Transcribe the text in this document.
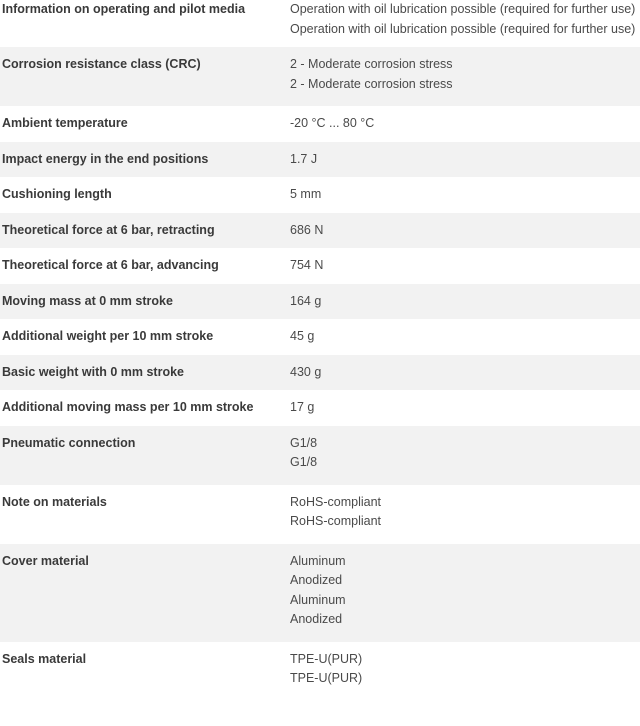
Information on operating and pilot media	Operation with oil lubrication possible (required for further use)
Operation with oil lubrication possible (required for further use)
Corrosion resistance class (CRC)	2 - Moderate corrosion stress
2 - Moderate corrosion stress
Ambient temperature	-20 °C ... 80 °C
Impact energy in the end positions	1.7 J
Cushioning length	5 mm
Theoretical force at 6 bar, retracting	686 N
Theoretical force at 6 bar, advancing	754 N
Moving mass at 0 mm stroke	164 g
Additional weight per 10 mm stroke	45 g
Basic weight with 0 mm stroke	430 g
Additional moving mass per 10 mm stroke	17 g
Pneumatic connection	G1/8
G1/8
Note on materials	RoHS-compliant
RoHS-compliant
Cover material	Aluminum
Anodized
Aluminum
Anodized
Seals material	TPE-U(PUR)
TPE-U(PUR)
